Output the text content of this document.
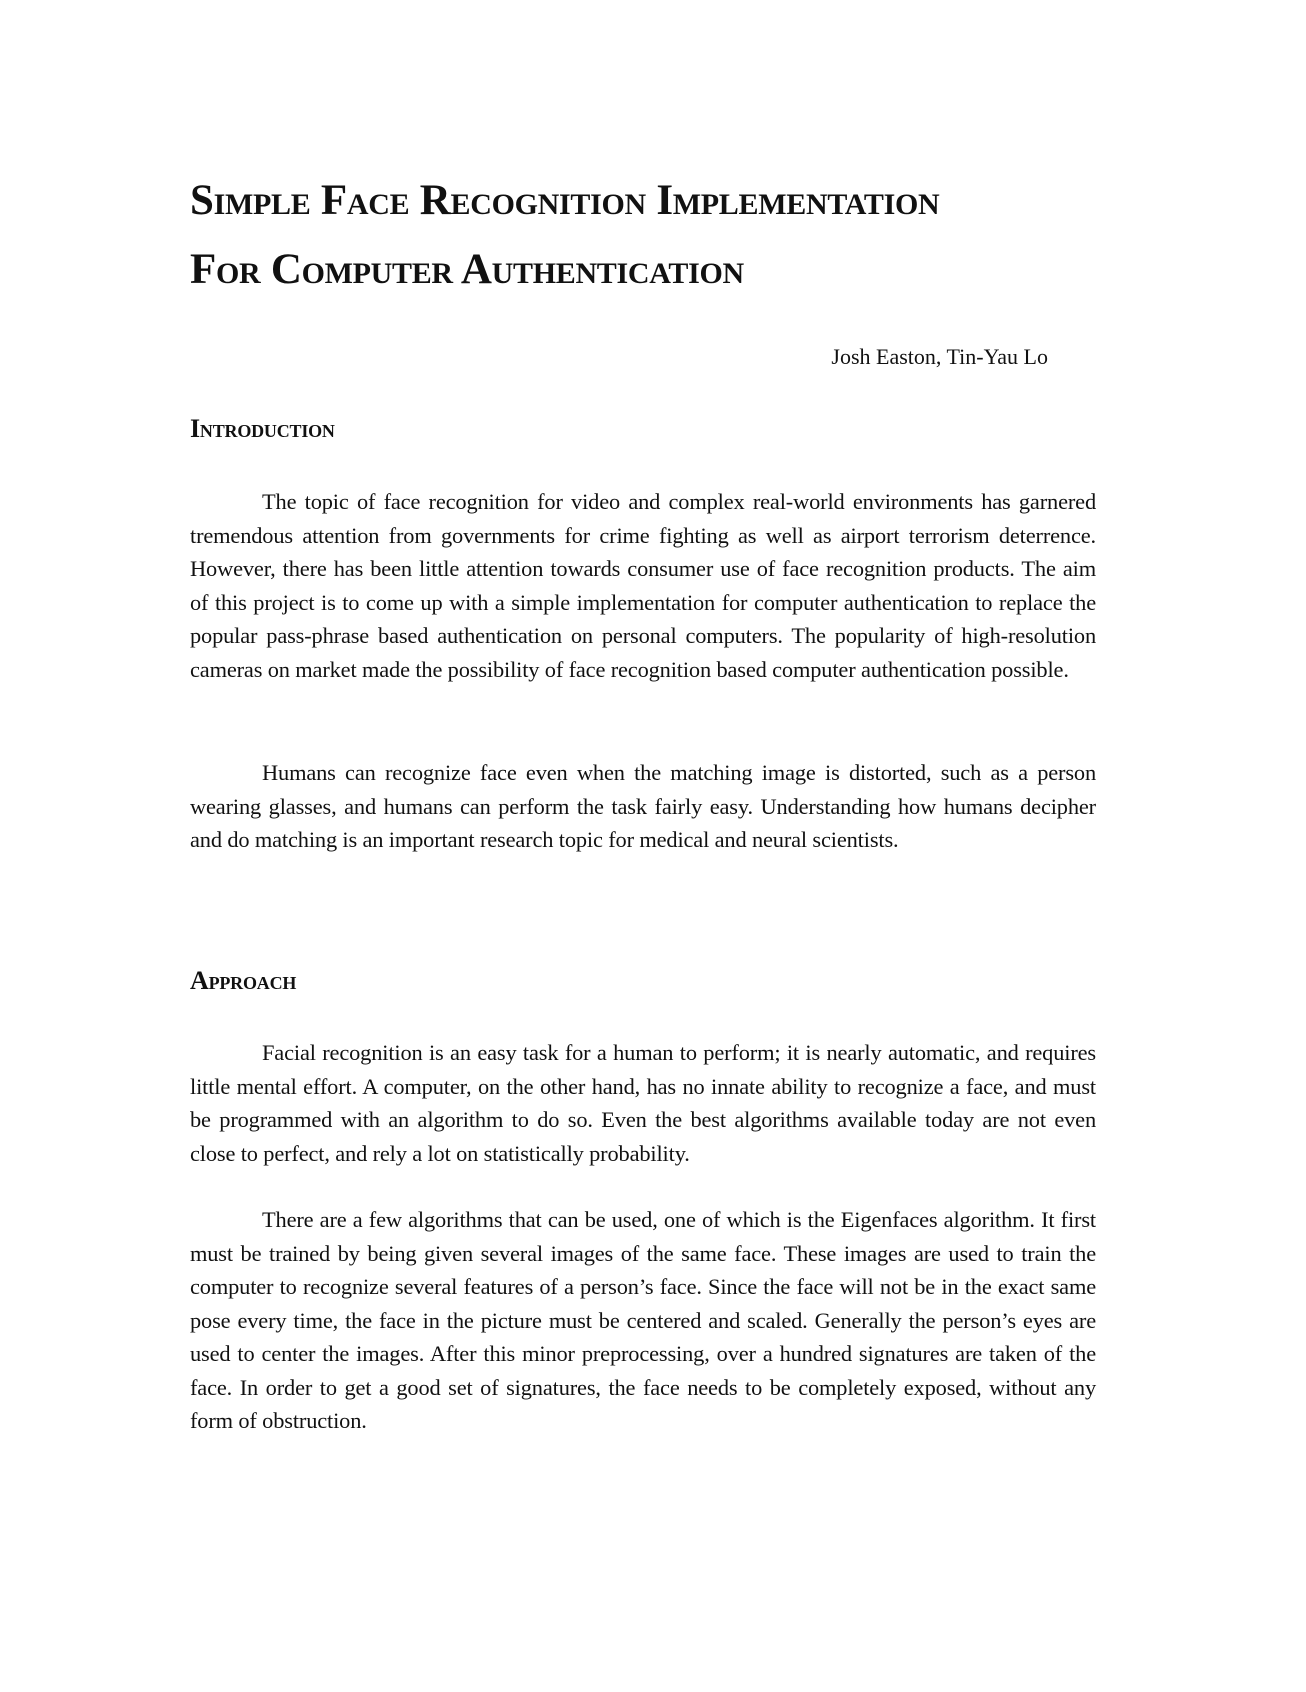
Simple Face Recognition Implementation
For Computer Authentication
Josh Easton, Tin-Yau Lo
Introduction

The topic of face recognition for video and complex real-world environments has garnered tremendous attention from governments for crime fighting as well as airport terrorism deterrence. However, there has been little attention towards consumer use of face recognition products. The aim of this project is to come up with a simple implementation for computer authentication to replace the popular pass-phrase based authentication on personal computers. The popularity of high-resolution cameras on market made the possibility of face recognition based computer authentication possible.

Humans can recognize face even when the matching image is distorted, such as a person wearing glasses, and humans can perform the task fairly easy. Understanding how humans decipher and do matching is an important research topic for medical and neural scientists.

Approach

Facial recognition is an easy task for a human to perform; it is nearly automatic, and requires little mental effort. A computer, on the other hand, has no innate ability to recognize a face, and must be programmed with an algorithm to do so. Even the best algorithms available today are not even close to perfect, and rely a lot on statistically probability.

There are a few algorithms that can be used, one of which is the Eigenfaces algorithm. It first must be trained by being given several images of the same face. These images are used to train the computer to recognize several features of a person’s face. Since the face will not be in the exact same pose every time, the face in the picture must be centered and scaled. Generally the person’s eyes are used to center the images. After this minor preprocessing, over a hundred signatures are taken of the face. In order to get a good set of signatures, the face needs to be completely exposed, without any form of obstruction.
